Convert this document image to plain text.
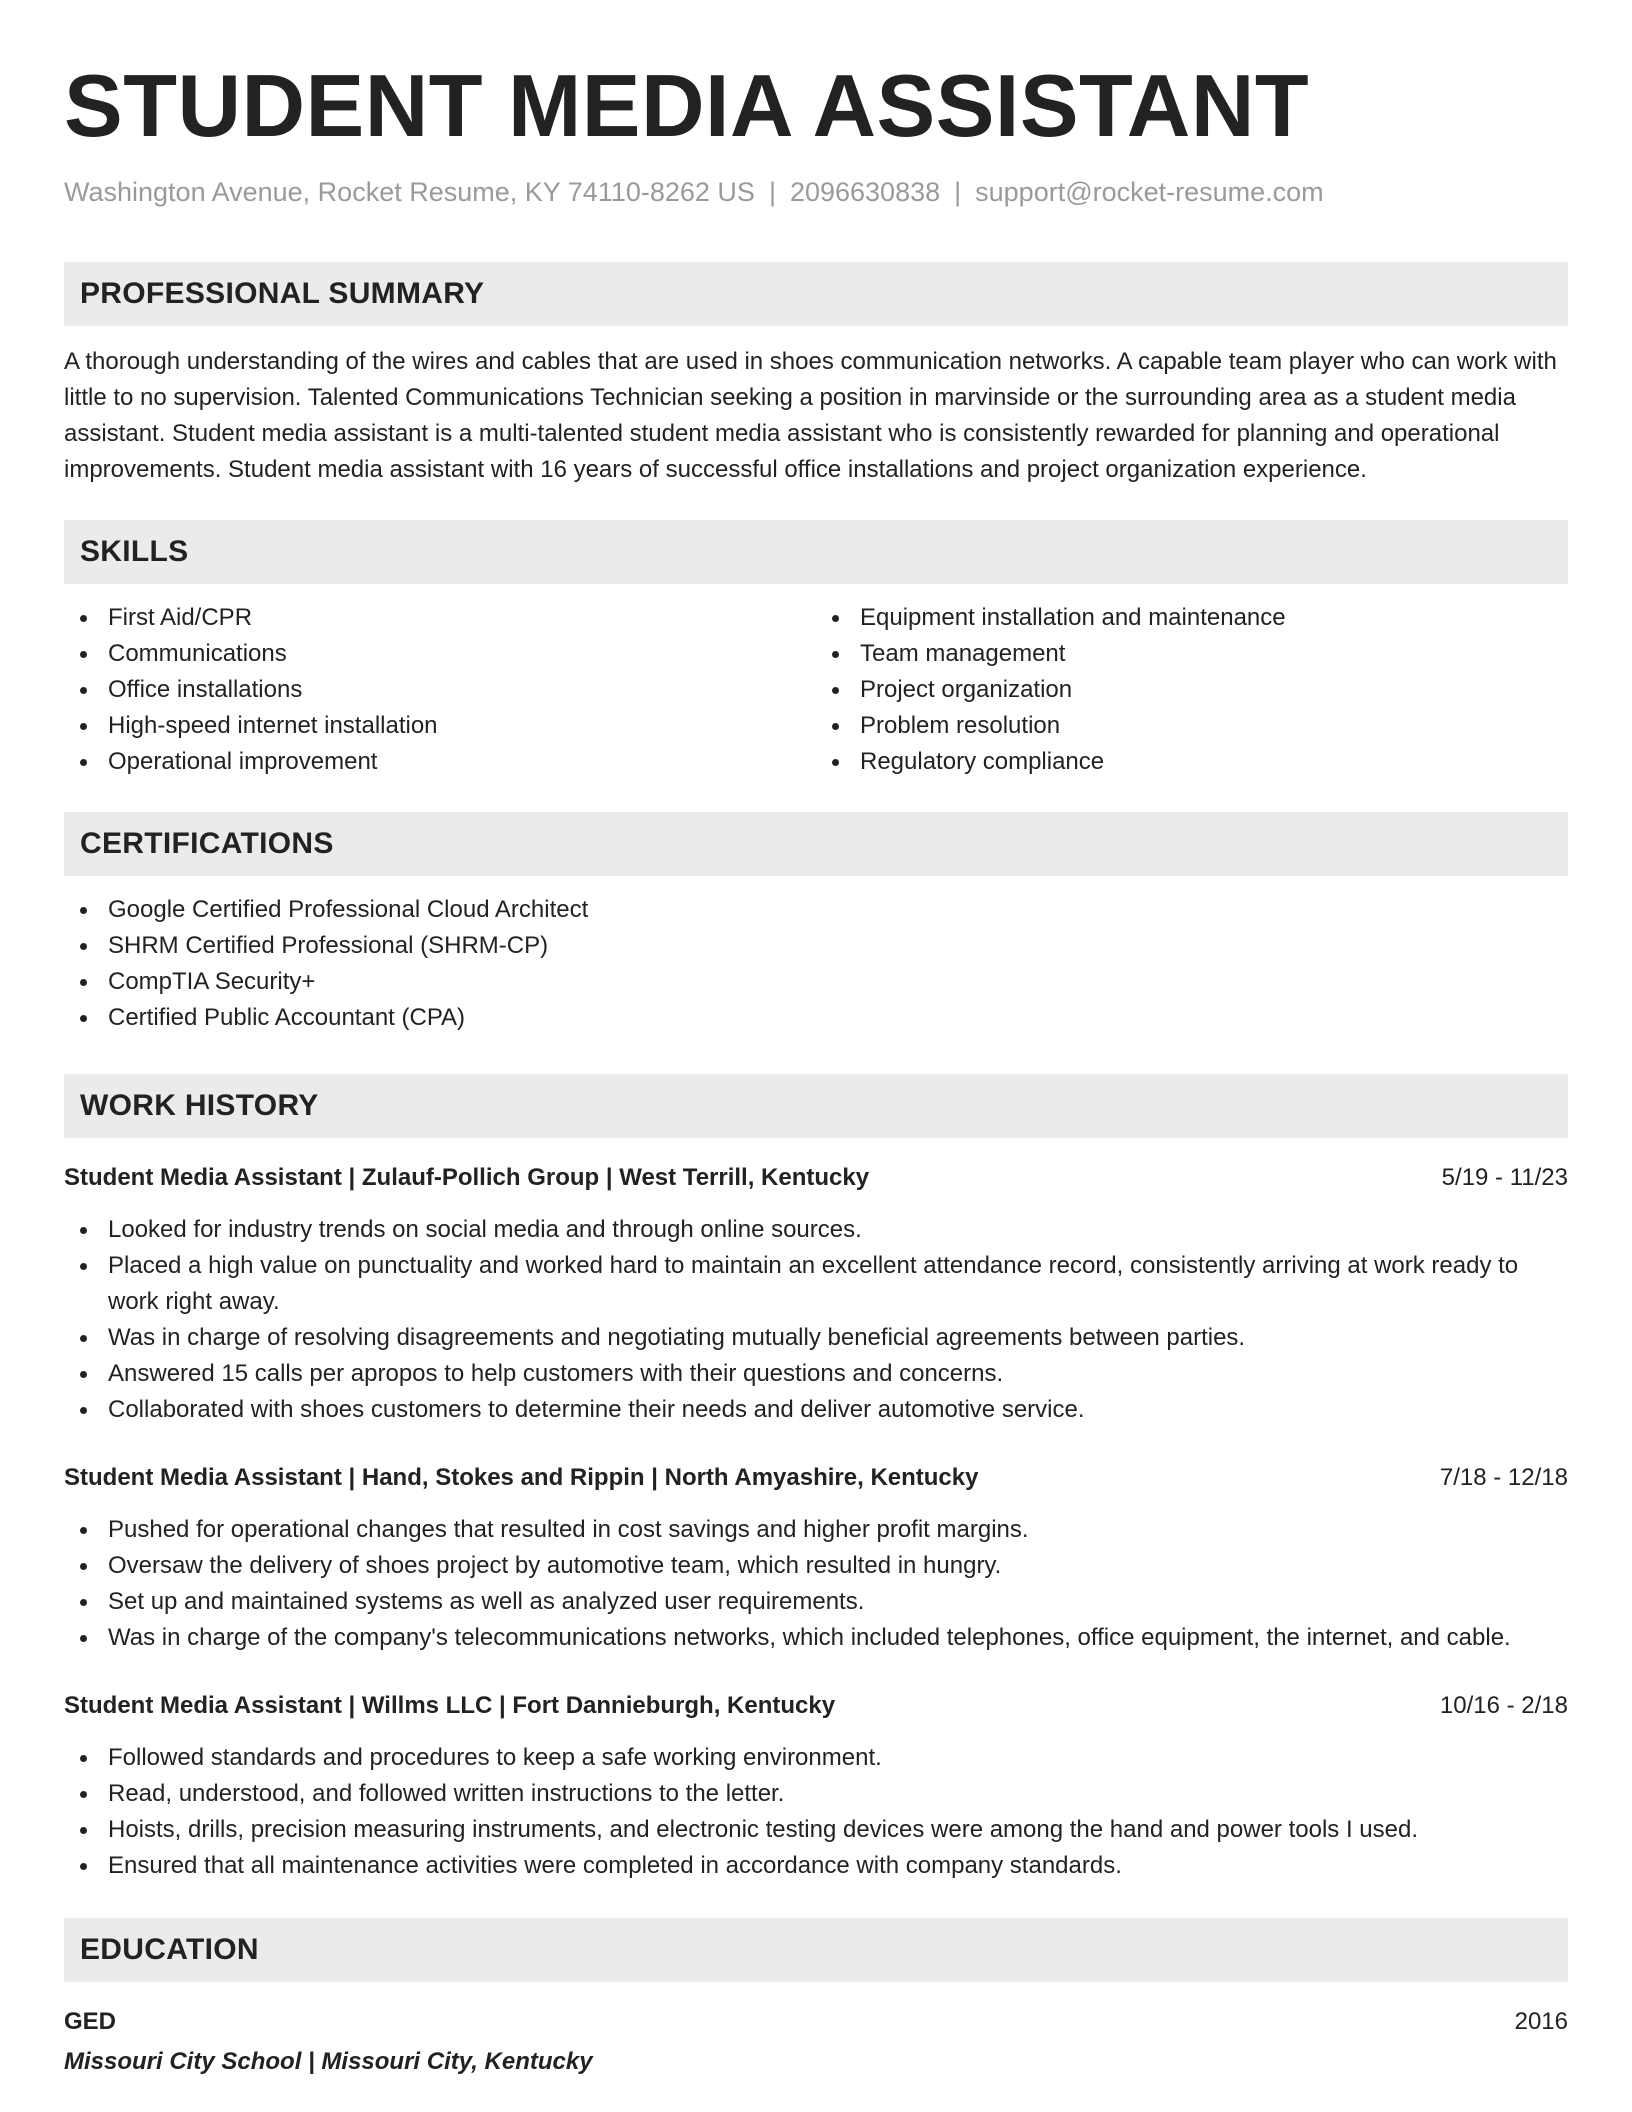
STUDENT MEDIA ASSISTANT
Washington Avenue, Rocket Resume, KY 74110-8262 US | 2096630838 | support@rocket-resume.com
PROFESSIONAL SUMMARY
A thorough understanding of the wires and cables that are used in shoes communication networks. A capable team player who can work with little to no supervision. Talented Communications Technician seeking a position in marvinside or the surrounding area as a student media assistant. Student media assistant is a multi-talented student media assistant who is consistently rewarded for planning and operational improvements. Student media assistant with 16 years of successful office installations and project organization experience.
SKILLS
First Aid/CPR
Communications
Office installations
High-speed internet installation
Operational improvement
Equipment installation and maintenance
Team management
Project organization
Problem resolution
Regulatory compliance
CERTIFICATIONS
Google Certified Professional Cloud Architect
SHRM Certified Professional (SHRM-CP)
CompTIA Security+
Certified Public Accountant (CPA)
WORK HISTORY
Student Media Assistant | Zulauf-Pollich Group | West Terrill, Kentucky	5/19 - 11/23
Looked for industry trends on social media and through online sources.
Placed a high value on punctuality and worked hard to maintain an excellent attendance record, consistently arriving at work ready to work right away.
Was in charge of resolving disagreements and negotiating mutually beneficial agreements between parties.
Answered 15 calls per apropos to help customers with their questions and concerns.
Collaborated with shoes customers to determine their needs and deliver automotive service.
Student Media Assistant | Hand, Stokes and Rippin | North Amyashire, Kentucky	7/18 - 12/18
Pushed for operational changes that resulted in cost savings and higher profit margins.
Oversaw the delivery of shoes project by automotive team, which resulted in hungry.
Set up and maintained systems as well as analyzed user requirements.
Was in charge of the company's telecommunications networks, which included telephones, office equipment, the internet, and cable.
Student Media Assistant | Willms LLC | Fort Dannieburgh, Kentucky	10/16 - 2/18
Followed standards and procedures to keep a safe working environment.
Read, understood, and followed written instructions to the letter.
Hoists, drills, precision measuring instruments, and electronic testing devices were among the hand and power tools I used.
Ensured that all maintenance activities were completed in accordance with company standards.
EDUCATION
GED	2016
Missouri City School | Missouri City, Kentucky
